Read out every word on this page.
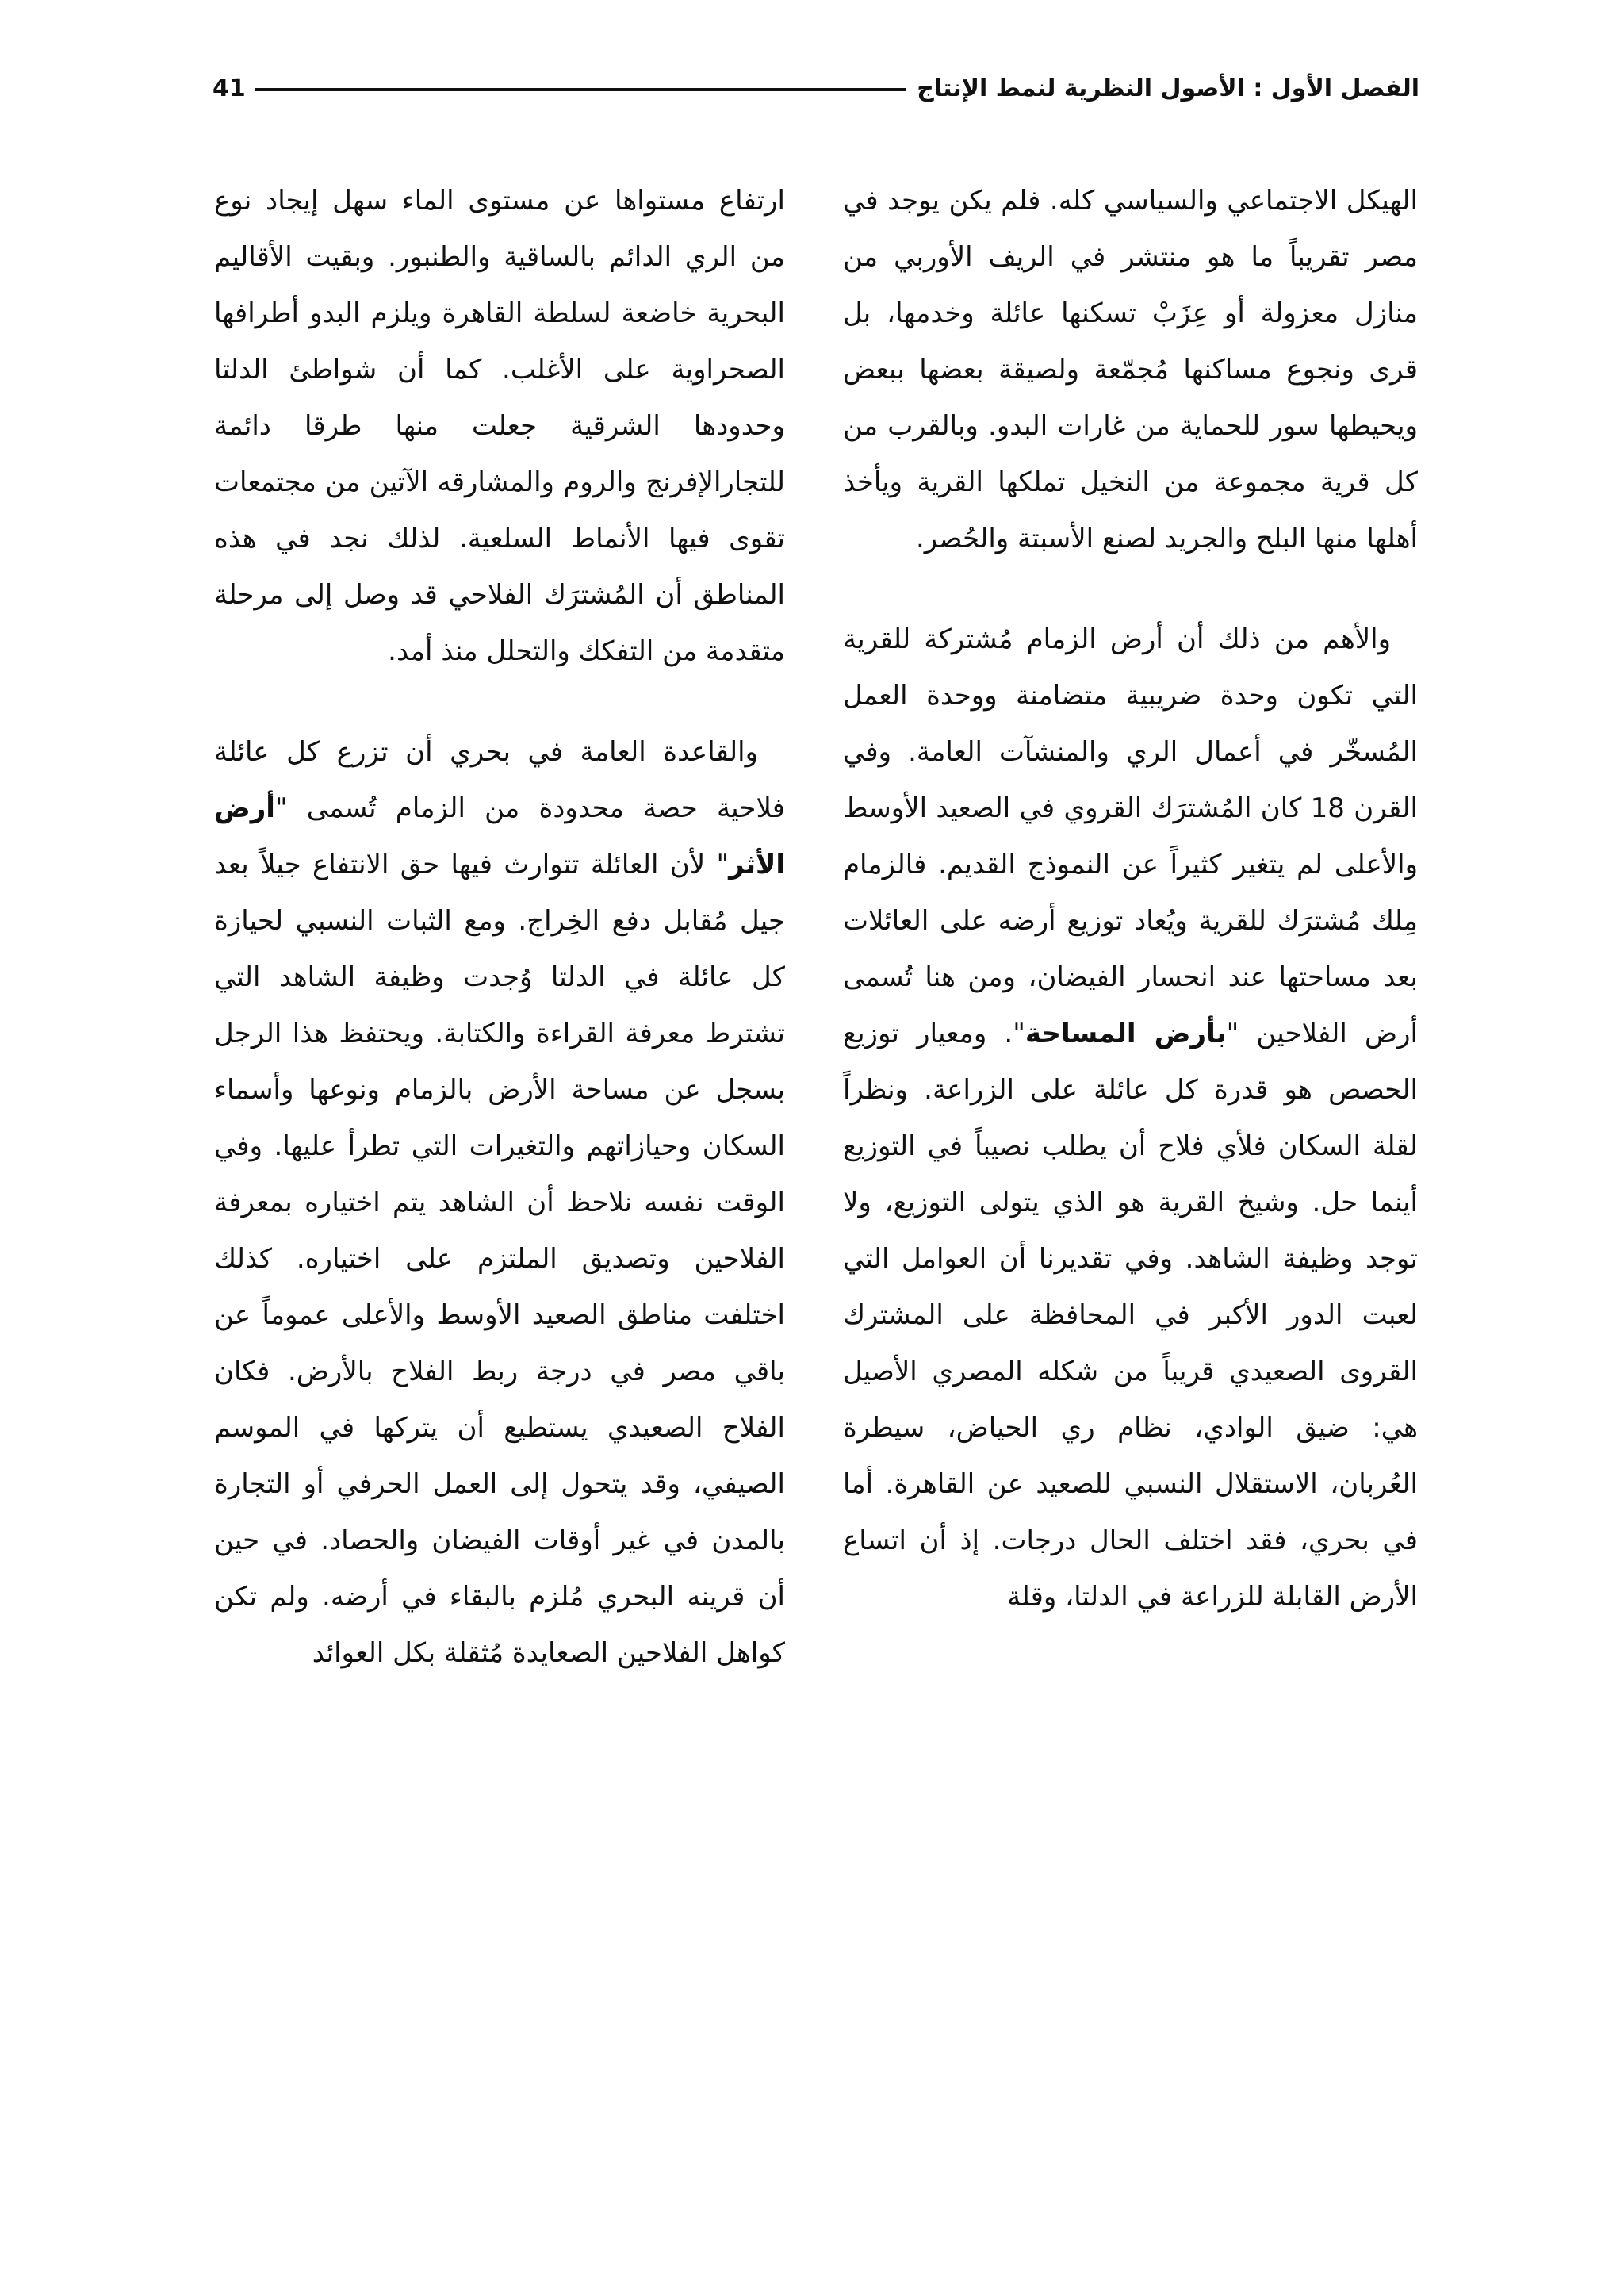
الفصل الأول : الأصول النظرية لنمط الإنتاج
41

الهيكل الاجتماعي والسياسي كله. فلم يكن يوجد في مصر تقريباً ما هو منتشر في الريف الأوربي من منازل معزولة أو عِزَبْ تسكنها عائلة وخدمها، بل قرى ونجوع مساكنها مُجمّعة ولصيقة بعضها ببعض ويحيطها سور للحماية من غارات البدو. وبالقرب من كل قرية مجموعة من النخيل تملكها القرية ويأخذ أهلها منها البلح والجريد لصنع الأسبتة والحُصر.

والأهم من ذلك أن أرض الزمام مُشتركة للقرية التي تكون وحدة ضريبية متضامنة ووحدة العمل المُسخّر في أعمال الري والمنشآت العامة. وفي القرن 18 كان المُشترَك القروي في الصعيد الأوسط والأعلى لم يتغير كثيراً عن النموذج القديم. فالزمام مِلك مُشترَك للقرية ويُعاد توزيع أرضه على العائلات بعد مساحتها عند انحسار الفيضان، ومن هنا تُسمى أرض الفلاحين "بأرض المساحة". ومعيار توزيع الحصص هو قدرة كل عائلة على الزراعة. ونظراً لقلة السكان فلأي فلاح أن يطلب نصيباً في التوزيع أينما حل. وشيخ القرية هو الذي يتولى التوزيع، ولا توجد وظيفة الشاهد. وفي تقديرنا أن العوامل التي لعبت الدور الأكبر في المحافظة على المشترك القروى الصعيدي قريباً من شكله المصري الأصيل هي: ضيق الوادي، نظام ري الحياض، سيطرة العُربان، الاستقلال النسبي للصعيد عن القاهرة. أما في بحري، فقد اختلف الحال درجات. إذ أن اتساع الأرض القابلة للزراعة في الدلتا، وقلة

ارتفاع مستواها عن مستوى الماء سهل إيجاد نوع من الري الدائم بالساقية والطنبور. وبقيت الأقاليم البحرية خاضعة لسلطة القاهرة ويلزم البدو أطرافها الصحراوية على الأغلب. كما أن شواطئ الدلتا وحدودها الشرقية جعلت منها طرقا دائمة للتجارالإفرنج والروم والمشارقه الآتين من مجتمعات تقوى فيها الأنماط السلعية. لذلك نجد في هذه المناطق أن المُشترَك الفلاحي قد وصل إلى مرحلة متقدمة من التفكك والتحلل منذ أمد.

والقاعدة العامة في بحري أن تزرع كل عائلة فلاحية حصة محدودة من الزمام تُسمى "أرض الأثر" لأن العائلة تتوارث فيها حق الانتفاع جيلاً بعد جيل مُقابل دفع الخِراج. ومع الثبات النسبي لحيازة كل عائلة في الدلتا وُجدت وظيفة الشاهد التي تشترط معرفة القراءة والكتابة. ويحتفظ هذا الرجل بسجل عن مساحة الأرض بالزمام ونوعها وأسماء السكان وحيازاتهم والتغيرات التي تطرأ عليها. وفي الوقت نفسه نلاحظ أن الشاهد يتم اختياره بمعرفة الفلاحين وتصديق الملتزم على اختياره. كذلك اختلفت مناطق الصعيد الأوسط والأعلى عموماً عن باقي مصر في درجة ربط الفلاح بالأرض. فكان الفلاح الصعيدي يستطيع أن يتركها في الموسم الصيفي، وقد يتحول إلى العمل الحرفي أو التجارة بالمدن في غير أوقات الفيضان والحصاد. في حين أن قرينه البحري مُلزم بالبقاء في أرضه. ولم تكن كواهل الفلاحين الصعايدة مُثقلة بكل العوائد
